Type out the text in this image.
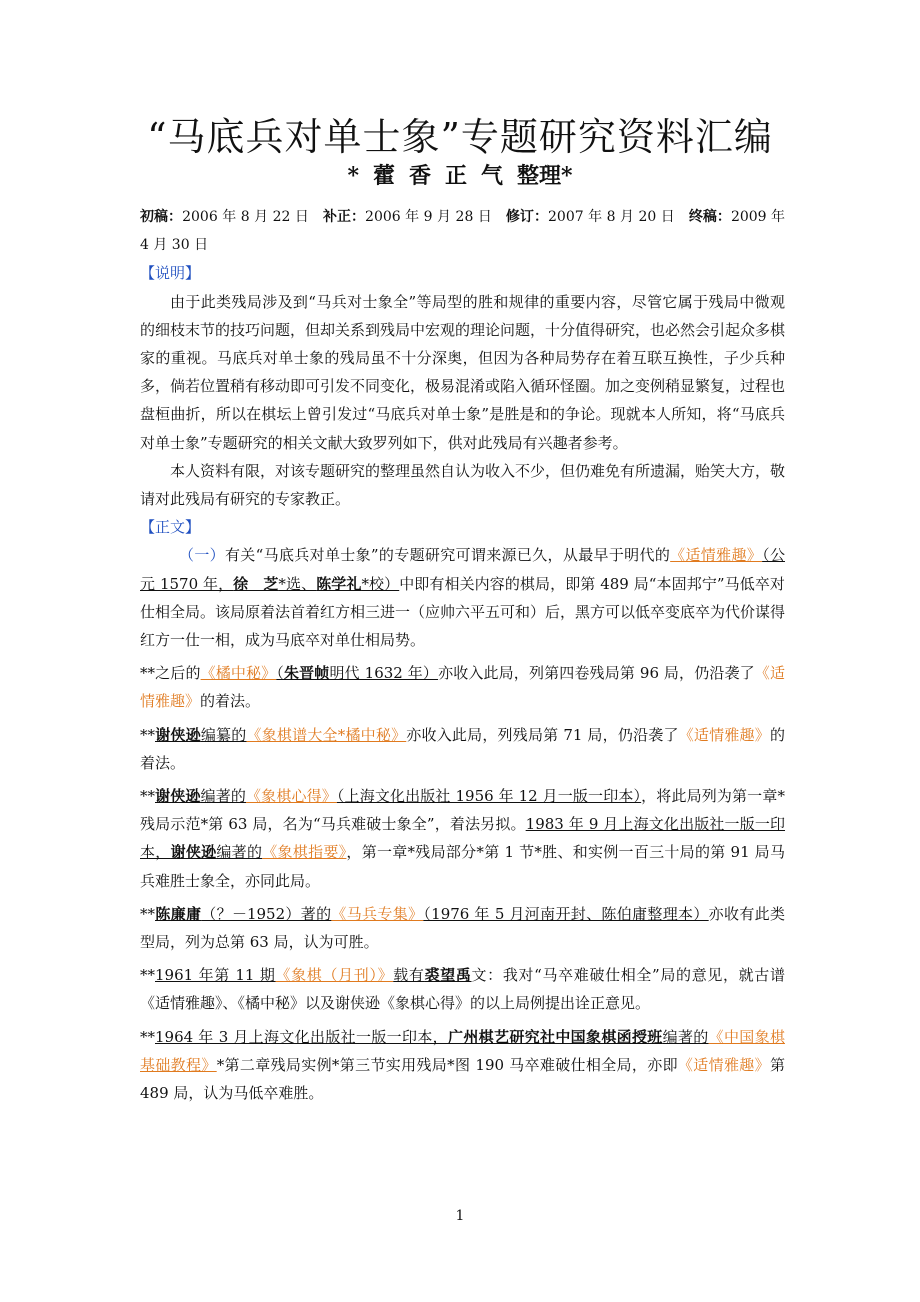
“马底兵对单士象”专题研究资料汇编
* 藿 香 正 气 整理*

初稿：2006 年 8 月 22 日　 补正：2006 年 9 月 28 日　 修订：2007 年 8 月 20 日　 终稿：2009 年 4 月 30 日

【说明】

由于此类残局涉及到“马兵对士象全”等局型的胜和规律的重要内容，尽管它属于残局中微观的细枝末节的技巧问题，但却关系到残局中宏观的理论问题，十分值得研究，也必然会引起众多棋家的重视。马底兵对单士象的残局虽不十分深奥，但因为各种局势存在着互联互换性，子少兵种多，倘若位置稍有移动即可引发不同变化，极易混淆或陷入循环怪圈。加之变例稍显繁复，过程也盘桓曲折，所以在棋坛上曾引发过“马底兵对单士象”是胜是和的争论。现就本人所知，将“马底兵对单士象”专题研究的相关文献大致罗列如下，供对此残局有兴趣者参考。

本人资料有限，对该专题研究的整理虽然自认为收入不少，但仍难免有所遗漏，贻笑大方，敬请对此残局有研究的专家教正。

【正文】

（一）有关“马底兵对单士象”的专题研究可谓来源已久，从最早于明代的《适情雅趣》（公元 1570 年，徐　芝*选、陈学礼*校）中即有相关内容的棋局，即第 489 局“本固邦宁”马低卒对仕相全局。该局原着法首着红方相三进一（应帅六平五可和）后，黑方可以低卒变底卒为代价谋得红方一仕一相，成为马底卒对单仕相局势。

**之后的《橘中秘》（朱晋帧明代 1632 年）亦收入此局，列第四卷残局第 96 局，仍沿袭了《适情雅趣》的着法。

**谢侠逊编纂的《象棋谱大全*橘中秘》亦收入此局，列残局第 71 局，仍沿袭了《适情雅趣》的着法。

**谢侠逊编著的《象棋心得》（上海文化出版社 1956 年 12 月一版一印本），将此局列为第一章*残局示范*第 63 局，名为“马兵难破士象全”，着法另拟。1983 年 9 月上海文化出版社一版一印本，谢侠逊编著的《象棋指要》，第一章*残局部分*第 1 节*胜、和实例一百三十局的第 91 局马兵难胜士象全，亦同此局。

**陈廉庸（？－1952）著的《马兵专集》（1976 年 5 月河南开封、陈伯庸整理本）亦收有此类型局，列为总第 63 局，认为可胜。

**1961 年第 11 期《象棋（月刊）》载有裘望禹文：我对“马卒难破仕相全”局的意见，就古谱《适情雅趣》、《橘中秘》以及谢侠逊《象棋心得》的以上局例提出诠正意见。

**1964 年 3 月上海文化出版社一版一印本，广州棋艺研究社中国象棋函授班编著的《中国象棋基础教程》*第二章残局实例*第三节实用残局*图 190 马卒难破仕相全局，亦即《适情雅趣》第 489 局，认为马低卒难胜。

1
